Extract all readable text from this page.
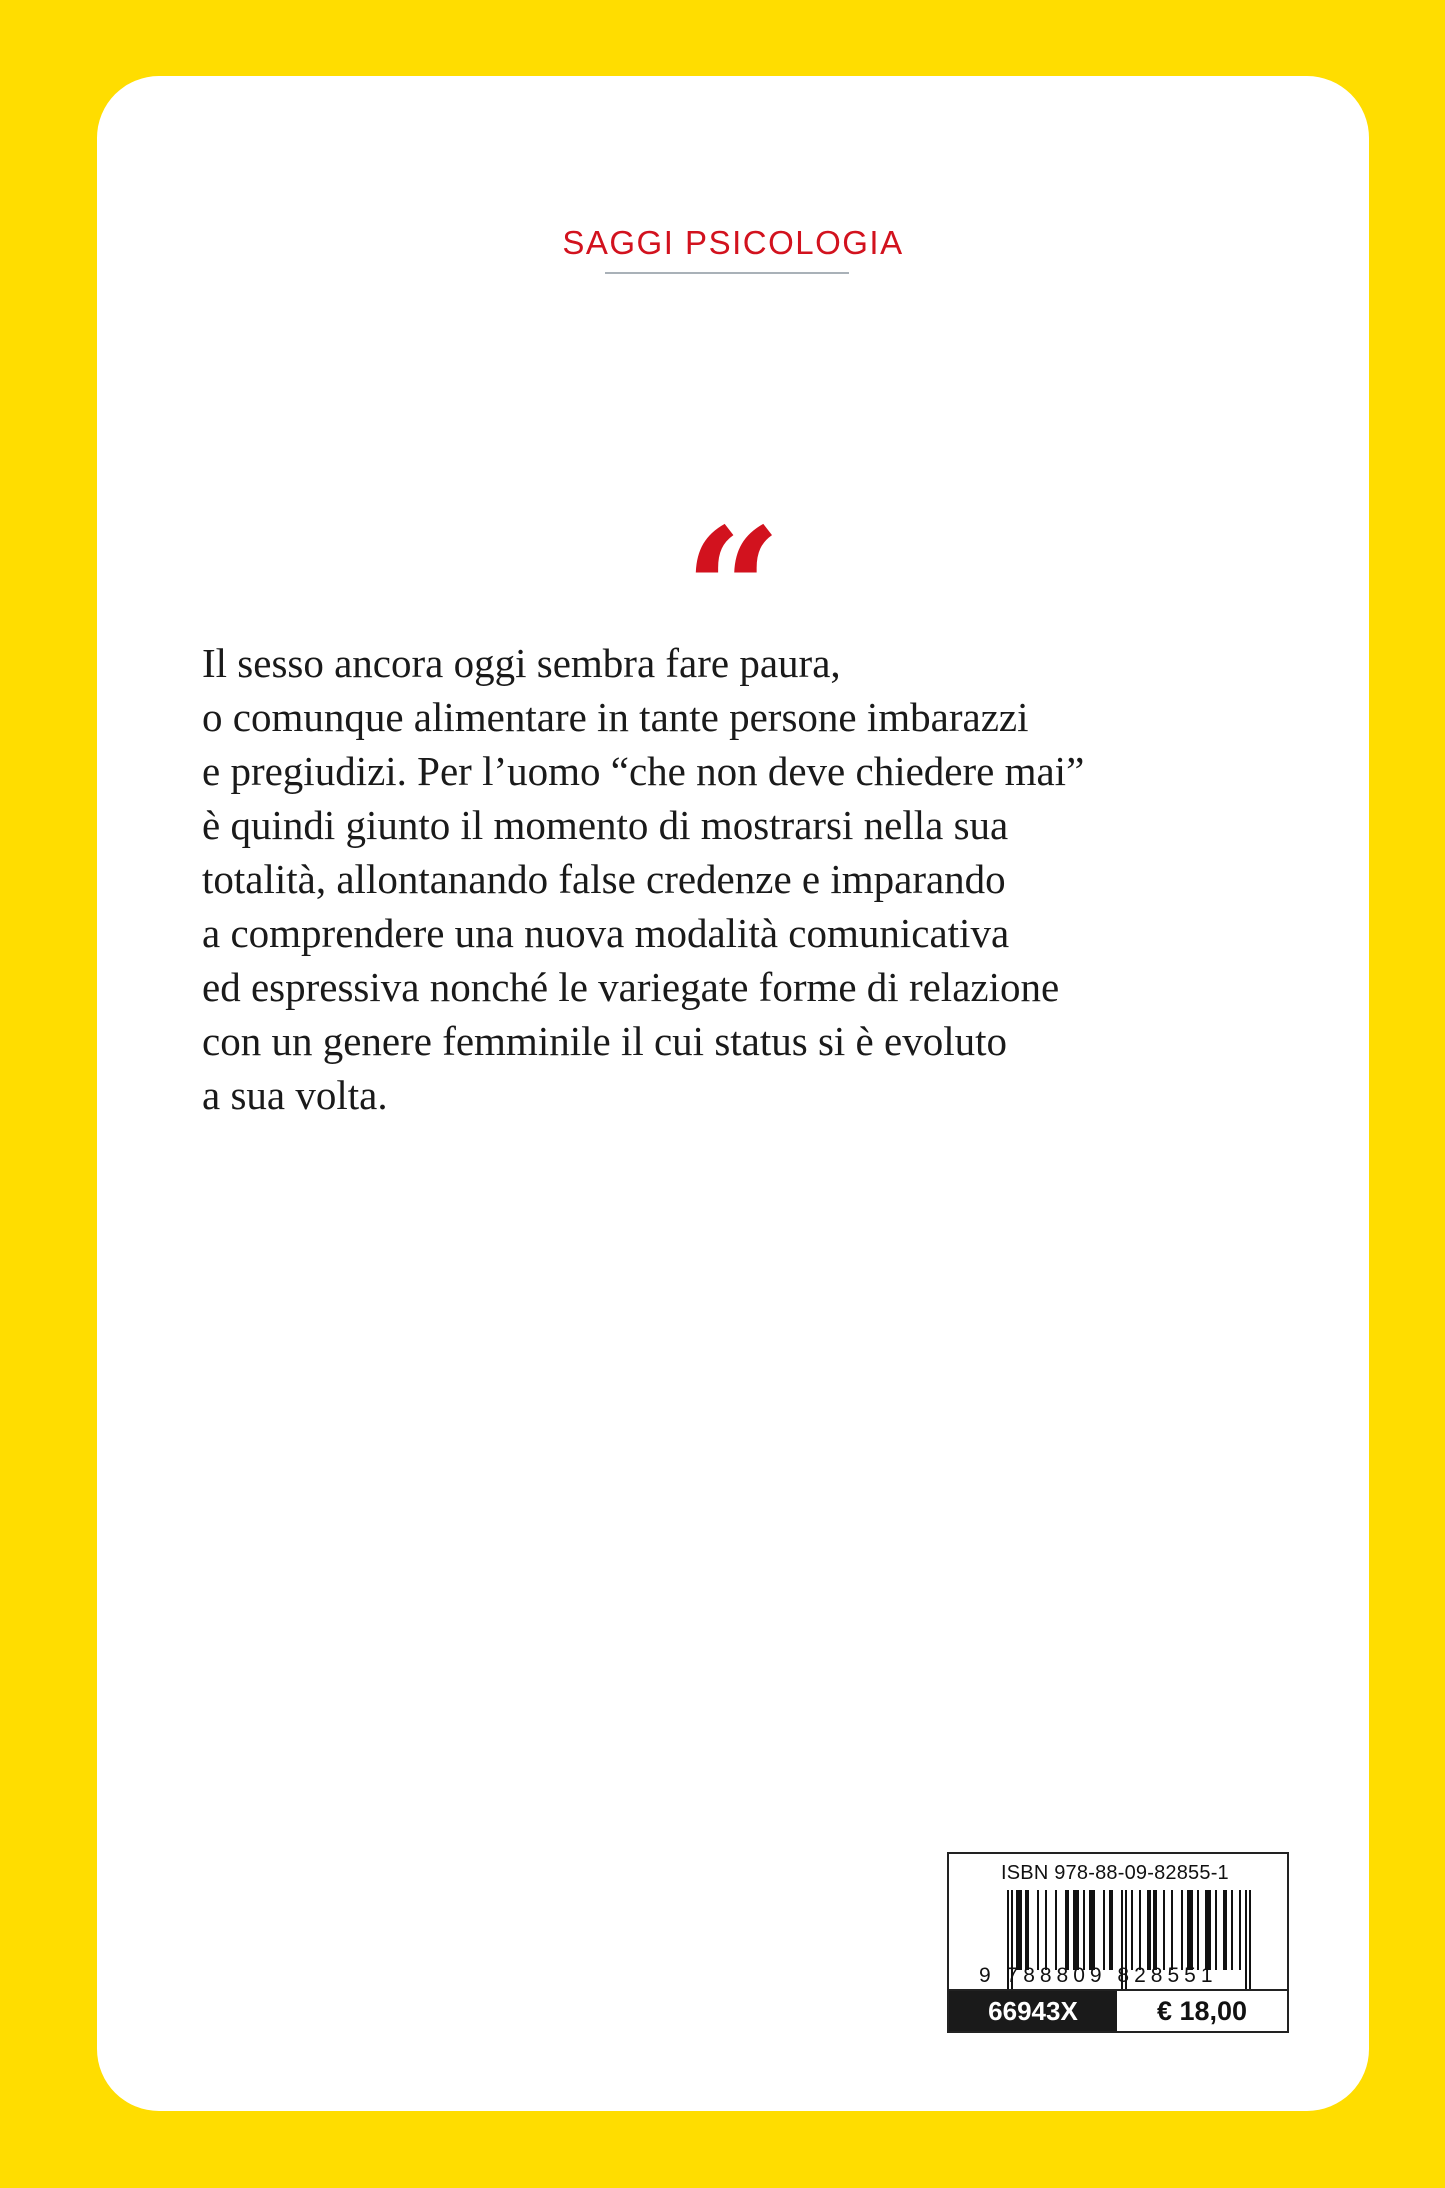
SAGGI PSICOLOGIA
“
Il sesso ancora oggi sembra fare paura,
o comunque alimentare in tante persone imbarazzi
e pregiudizi. Per l’uomo “che non deve chiedere mai”
è quindi giunto il momento di mostrarsi nella sua
totalità, allontanando false credenze e imparando
a comprendere una nuova modalità comunicativa
ed espressiva nonché le variegate forme di relazione
con un genere femminile il cui status si è evoluto
a sua volta.
ISBN 978-88-09-82855-1
9 788809 828551
66943X	€ 18,00
